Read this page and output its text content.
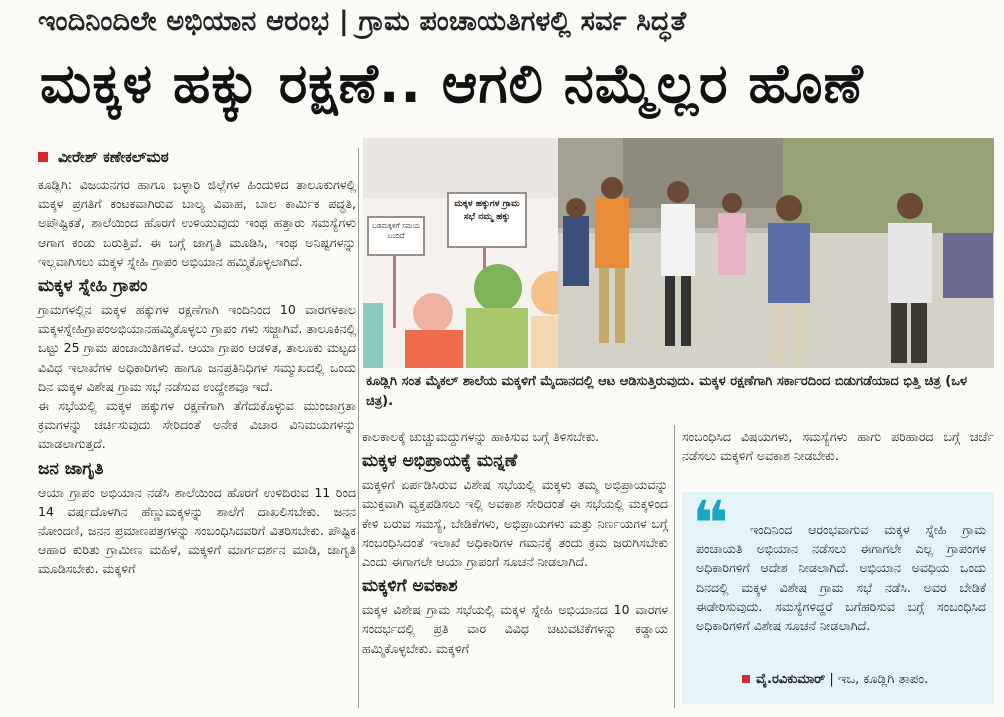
ಇಂದಿನಿಂದಿಲೇ ಅಭಿಯಾನ ಆರಂಭ | ಗ್ರಾಮ ಪಂಚಾಯತಿಗಳಲ್ಲಿ ಸರ್ವ ಸಿದ್ಧತೆ
ಮಕ್ಕಳ ಹಕ್ಕು ರಕ್ಷಣೆ.. ಆಗಲಿ ನಮ್ಮೆಲ್ಲರ ಹೊಣೆ
ವೀರೇಶ್ ಕಣೇಕಲ್‌ಮಠ

ಕೂಡ್ಲಿಗಿ: ವಿಜಯನಗರ ಹಾಗೂ ಬಳ್ಳಾರಿ ಜಿಲ್ಲೆಗಳ ಹಿಂದುಳಿದ ತಾಲೂಕುಗಳಲ್ಲಿ ಮಕ್ಕಳ ಪ್ರಗತಿಗೆ ಕಂಟಕವಾಗಿರುವ ಬಾಲ್ಯ ವಿವಾಹ, ಬಾಲ ಕಾರ್ಮಿಕ ಪದ್ಧತಿ, ಅಪೌಷ್ಟಿಕತೆ, ಶಾಲೆಯಿಂದ ಹೊರಗೆ ಉಳಿಯುವುದು ಇಂಥ ಹತ್ತಾರು ಸಮಸ್ಯೆಗಳು ಆಗಾಗ ಕಂಡು ಬರುತ್ತಿವೆ. ಈ ಬಗ್ಗೆ ಜಾಗೃತಿ ಮೂಡಿಸಿ, ಇಂಥ ಅನಿಷ್ಟಗಳನ್ನು ಇಲ್ಲವಾಗಿಸಲು ಮಕ್ಕಳ ಸ್ನೇಹಿ ಗ್ರಾಪಂ ಅಭಿಯಾನ ಹಮ್ಮಿಕೊಳ್ಳಲಾಗಿದೆ.

ಮಕ್ಕಳ ಸ್ನೇಹಿ ಗ್ರಾಪಂ

ಗ್ರಾಮಗಳಲ್ಲಿನ ಮಕ್ಕಳ ಹಕ್ಕುಗಳ ರಕ್ಷಣೆಗಾಗಿ ಇಂದಿನಿಂದ 10 ವಾರಗಳಕಾಲ ಮಕ್ಕಳಸ್ನೇಹಿಗ್ರಾಪಂಅಭಿಯಾನಹಮ್ಮಿಕೊಳ್ಳಲು ಗ್ರಾಪಂ ಗಳು ಸಜ್ಜಾಗಿವೆ. ತಾಲೂಕಿನಲ್ಲಿ ಒಟ್ಟು 25 ಗ್ರಾಮ ಪಂಚಾಯಿತಿಗಳಿವೆ. ಆಯಾ ಗ್ರಾಪಂ ಆಡಳಿತ, ತಾಲೂಕು ಮಟ್ಟದ ವಿವಿಧ ಇಲಾಖೆಗಳ ಅಧಿಕಾರಿಗಳು ಹಾಗೂ ಜನಪ್ರತಿನಿಧಿಗಳ ಸಮ್ಮುಖದಲ್ಲಿ ಒಂದು ದಿನ ಮಕ್ಕಳ ವಿಶೇಷ ಗ್ರಾಮ ಸಭೆ ನಡೆಸುವ ಉದ್ದೇಶವೂ ಇದೆ.

ಈ ಸಭೆಯಲ್ಲಿ ಮಕ್ಕಳ ಹಕ್ಕುಗಳ ರಕ್ಷಣೆಗಾಗಿ ತೆಗೆದುಕೊಳ್ಳುವ ಮುಂಜಾಗ್ರತಾ ಕ್ರಮಗಳನ್ನು ಚರ್ಚಿಸುವುದು ಸೇರಿದಂತೆ ಅನೇಕ ವಿಚಾರ ವಿನಿಮಯಗಳನ್ನು ಮಾಡಲಾಗುತ್ತದೆ.

ಜನ ಜಾಗೃತಿ

ಆಯಾ ಗ್ರಾಪಂ ಅಭಿಯಾನ ನಡೆಸಿ ಶಾಲೆಯಿಂದ ಹೊರಗೆ ಉಳಿದಿರುವ 11 ರಿಂದ 14 ವರ್ಷದೊಳಗಿನ ಹೆಣ್ಣುಮಕ್ಕಳನ್ನು ಶಾಲೆಗೆ ದಾಖಲಿಸಬೇಕು. ಜನನ ನೋಂದಣಿ, ಜನನ ಪ್ರಮಾಣಪತ್ರಗಳನ್ನು ಸಂಬಂಧಿಸಿದವರಿಗೆ ವಿತರಿಸಬೇಕು. ಪೌಷ್ಟಿಕ ಆಹಾರ ಕುರಿತು ಗ್ರಾಮೀಣ ಮಹಿಳೆ, ಮಕ್ಕಳಿಗೆ ಮಾರ್ಗದರ್ಶನ ಮಾಡಿ, ಜಾಗೃತಿ ಮೂಡಿಸಬೇಕು. ಮಕ್ಕಳಿಗೆ

ಬಡಮಕ್ಕಳಿಗೆ ಸಮಯ ಬಂದಿದೆ
ಮಕ್ಕಳ ಹಕ್ಕುಗಳ ಗ್ರಾಮ ಸಭೆ ನಮ್ಮ ಹಕ್ಕು
ಕೂಡ್ಲಿಗಿ ಸಂತ ಮೈಕಲ್ ಶಾಲೆಯ ಮಕ್ಕಳಿಗೆ ಮೈದಾನದಲ್ಲಿ ಆಟ ಆಡಿಸುತ್ತಿರುವುದು. ಮಕ್ಕಳ ರಕ್ಷಣೆಗಾಗಿ ಸರ್ಕಾರದಿಂದ ಬಿಡುಗಡೆಯಾದ ಭಿತ್ತಿ ಚಿತ್ರ (ಒಳ ಚಿತ್ರ).

ಕಾಲಕಾಲಕ್ಕೆ ಚುಚ್ಚುಮದ್ದುಗಳನ್ನು ಹಾಕಿಸುವ ಬಗ್ಗೆ ತಿಳಿಸಬೇಕು.

ಮಕ್ಕಳ ಅಭಿಪ್ರಾಯಕ್ಕೆ ಮನ್ನಣೆ

ಮಕ್ಕಳಿಗೆ ಏರ್ಪಡಿಸಿರುವ ವಿಶೇಷ ಸಭೆಯಲ್ಲಿ ಮಕ್ಕಳು ತಮ್ಮ ಅಭಿಪ್ರಾಯವನ್ನು ಮುಕ್ತವಾಗಿ ವ್ಯಕ್ತಪಡಿಸಲು ಇಲ್ಲಿ ಅವಕಾಶ ಸೇರಿದಂತೆ ಈ ಸಭೆಯಲ್ಲಿ ಮಕ್ಕಳಿಂದ ಕೇಳಿ ಬರುವ ಸಮಸ್ಯೆ, ಬೇಡಿಕೆಗಳು, ಅಭಿಪ್ರಾಯಗಳು ಮತ್ತು ನಿರ್ಣಯಗಳ ಬಗ್ಗೆ ಸಂಬಂಧಿಸಿದಂತೆ ಇಲಾಖೆ ಅಧಿಕಾರಿಗಳ ಗಮನಕ್ಕೆ ತಂದು ಕ್ರಮ ಜರುಗಿಸಬೇಕು ಎಂದು ಈಗಾಗಲೇ ಆಯಾ ಗ್ರಾಪಂಗೆ ಸೂಚನೆ ನೀಡಲಾಗಿದೆ.

ಮಕ್ಕಳಿಗೆ ಅವಕಾಶ

ಮಕ್ಕಳ ವಿಶೇಷ ಗ್ರಾಮ ಸಭೆಯಲ್ಲಿ ಮಕ್ಕಳ ಸ್ನೇಹಿ ಅಭಿಯಾನದ 10 ವಾರಗಳ ಸಂದರ್ಭದಲ್ಲಿ ಪ್ರತಿ ವಾರ ವಿವಿಧ ಚಟುವಟಿಕೆಗಳನ್ನು ಕಡ್ಡಾಯ ಹಮ್ಮಿಕೊಳ್ಳಬೇಕು. ಮಕ್ಕಳಿಗೆ

ಸಂಬಂಧಿಸಿದ ವಿಷಯಗಳು, ಸಮಸ್ಯೆಗಳು ಹಾಗು ಪರಿಹಾರದ ಬಗ್ಗೆ ಚರ್ಚೆ ನಡೆಸಲು ಮಕ್ಕಳಿಗೆ ಅವಕಾಶ ನೀಡಬೇಕು.

❝	ಇಂದಿನಿಂದ ಆರಂಭವಾಗುವ ಮಕ್ಕಳ ಸ್ನೇಹಿ ಗ್ರಾಮ ಪಂಚಾಯತಿ ಅಭಿಯಾನ ನಡೆಸಲು ಈಗಾಗಲೇ ಎಲ್ಲ ಗ್ರಾಪಂಗಳ ಅಧಿಕಾರಿಗಳಿಗೆ ಆದೇಶ ನೀಡಲಾಗಿದೆ. ಅಭಿಯಾನ ಅವಧಿಯ ಒಂದು ದಿನದಲ್ಲಿ ಮಕ್ಕಳ ವಿಶೇಷ ಗ್ರಾಮ ಸಭೆ ನಡೆಸಿ. ಅವರ ಬೇಡಿಕೆ ಈಡೇರಿಸುವುದು. ಸಮಸ್ಯೆಗಳಿದ್ದರೆ ಬಗೆಹರಿಸುವ ಬಗ್ಗೆ ಸಂಬಂಧಿಸಿದ ಅಧಿಕಾರಿಗಳಿಗೆ ವಿಶೇಷ ಸೂಚನೆ ನೀಡಲಾಗಿದೆ.
ವೈ.ರವಿಕುಮಾರ್ | ಇಒ, ಕೂಡ್ಲಿಗಿ ತಾಪಂ.
